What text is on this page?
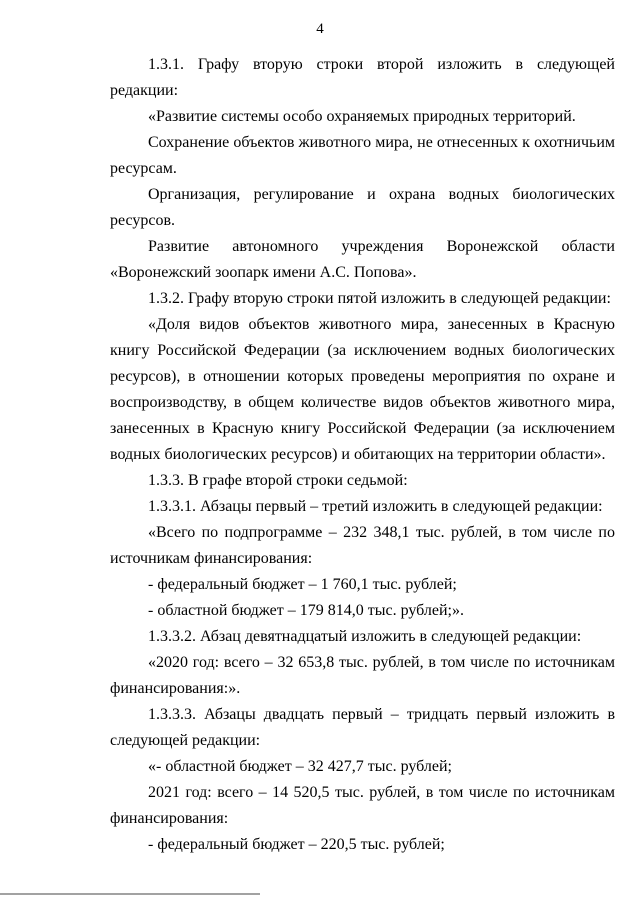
4

1.3.1. Графу вторую строки второй изложить в следующей редакции:

«Развитие системы особо охраняемых природных территорий.

Сохранение объектов животного мира, не отнесенных к охотничьим ресурсам.

Организация, регулирование и охрана водных биологических ресурсов.

Развитие автономного учреждения Воронежской области «Воронежский зоопарк имени А.С. Попова».

1.3.2. Графу вторую строки пятой изложить в следующей редакции:

«Доля видов объектов животного мира, занесенных в Красную книгу Российской Федерации (за исключением водных биологических ресурсов), в отношении которых проведены мероприятия по охране и воспроизводству, в общем количестве видов объектов животного мира, занесенных в Красную книгу Российской Федерации (за исключением водных биологических ресурсов) и обитающих на территории области».

1.3.3. В графе второй строки седьмой:

1.3.3.1. Абзацы первый – третий изложить в следующей редакции:

«Всего по подпрограмме – 232 348,1 тыс. рублей, в том числе по источникам финансирования:

- федеральный бюджет – 1 760,1 тыс. рублей;

- областной бюджет – 179 814,0 тыс. рублей;».

1.3.3.2. Абзац девятнадцатый изложить в следующей редакции:

«2020 год: всего – 32 653,8 тыс. рублей, в том числе по источникам финансирования:».

1.3.3.3. Абзацы двадцать первый – тридцать первый изложить в следующей редакции:

«- областной бюджет – 32 427,7 тыс. рублей;

2021 год: всего – 14 520,5 тыс. рублей, в том числе по источникам финансирования:

- федеральный бюджет – 220,5 тыс. рублей;
